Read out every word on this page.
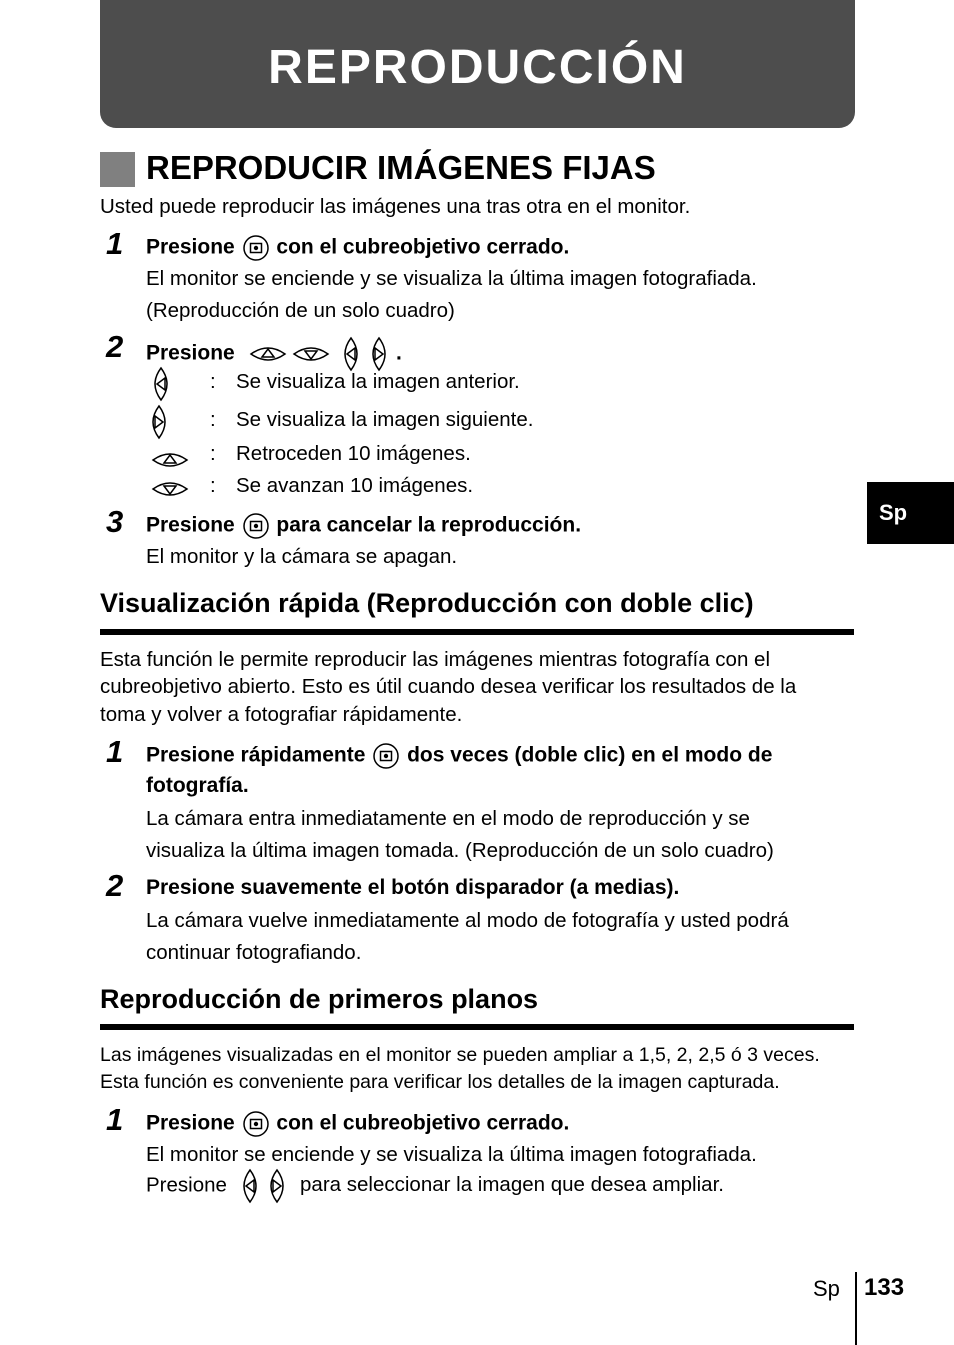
REPRODUCCIÓN
REPRODUCIR IMÁGENES FIJAS
Usted puede reproducir las imágenes una tras otra en el monitor.
1 Presione con el cubreobjetivo cerrado.
El monitor se enciende y se visualiza la última imagen fotografiada.
(Reproducción de un solo cuadro)
2 Presione

	.
: Se visualiza la imagen anterior.
: Se visualiza la imagen siguiente.
: Retroceden 10 imágenes.
: Se avanzan 10 imágenes.
3 Presione para cancelar la reproducción.
El monitor y la cámara se apagan.
Visualización rápida (Reproducción con doble clic)
Esta función le permite reproducir las imágenes mientras fotografía con el
cubreobjetivo abierto. Esto es útil cuando desea verificar los resultados de la
toma y volver a fotografiar rápidamente.
1 Presione rápidamente dos veces (doble clic) en el modo de
fotografía.
La cámara entra inmediatamente en el modo de reproducción y se
visualiza la última imagen tomada. (Reproducción de un solo cuadro)
2 Presione suavemente el botón disparador (a medias).
La cámara vuelve inmediatamente al modo de fotografía y usted podrá
continuar fotografiando.
Reproducción de primeros planos
Las imágenes visualizadas en el monitor se pueden ampliar a 1,5, 2, 2,5 ó 3 veces.
Esta función es conveniente para verificar los detalles de la imagen capturada.
1 Presione con el cubreobjetivo cerrado.
El monitor se enciende y se visualiza la última imagen fotografiada.
Presione
	para seleccionar la imagen que desea ampliar.
Sp
Sp 133
